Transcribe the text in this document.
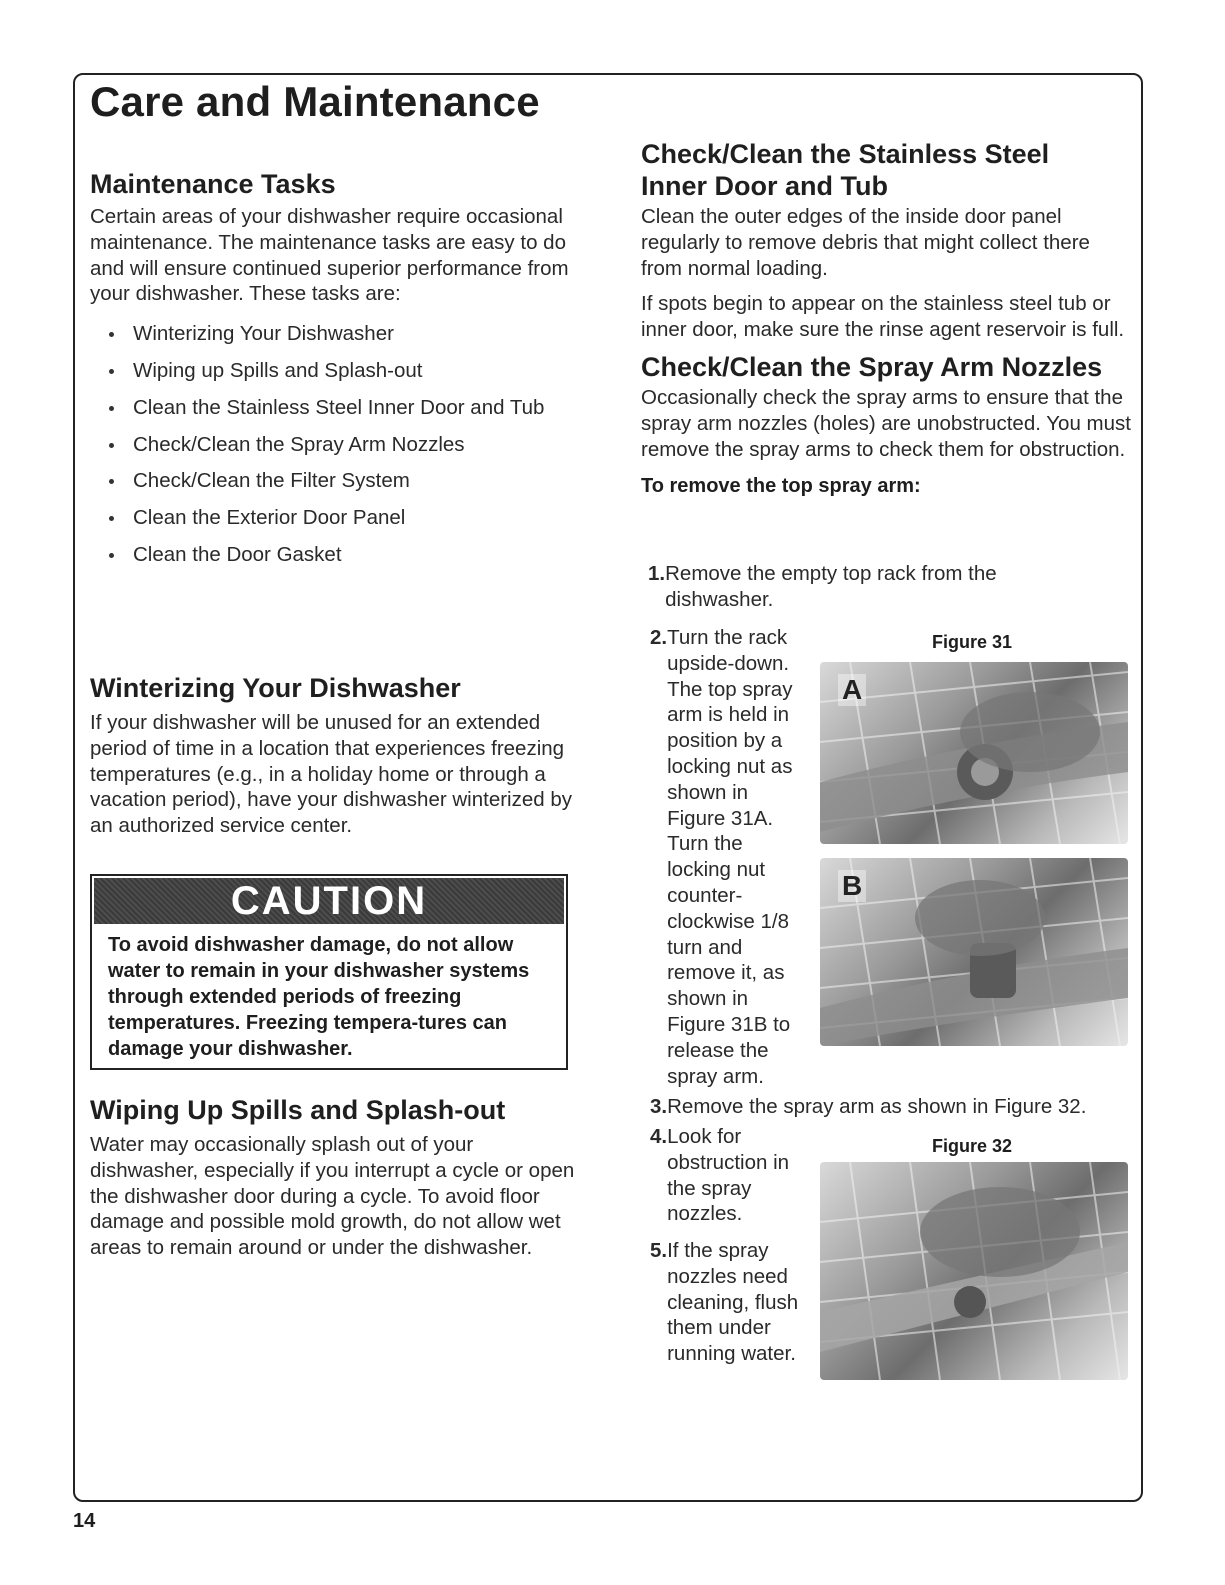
Care and Maintenance
Maintenance Tasks

Certain areas of your dishwasher require occasional maintenance. The maintenance tasks are easy to do and will ensure continued superior performance from your dishwasher. These tasks are:

Winterizing Your Dishwasher
Wiping up Spills and Splash-out
Clean the Stainless Steel Inner Door and Tub
Check/Clean the Spray Arm Nozzles
Check/Clean the Filter System
Clean the Exterior Door Panel
Clean the Door Gasket
Winterizing Your Dishwasher

If your dishwasher will be unused for an extended period of time in a location that experiences freezing temperatures (e.g., in a holiday home or through a vacation period), have your dishwasher winterized by an authorized service center.

CAUTION

To avoid dishwasher damage, do not allow water to remain in your dishwasher systems through extended periods of freezing temperatures. Freezing tempera-tures can damage your dishwasher.

Wiping Up Spills and Splash-out

Water may occasionally splash out of your dishwasher, especially if you interrupt a cycle or open the dishwasher door during a cycle. To avoid floor damage and possible mold growth, do not allow wet areas to remain around or under the dishwasher.

Check/Clean the Stainless Steel
Inner Door and Tub

Clean the outer edges of the inside door panel regularly to remove debris that might collect there from normal loading.

If spots begin to appear on the stainless steel tub or inner door, make sure the rinse agent reservoir is full.

Check/Clean the Spray Arm Nozzles

Occasionally check the spray arms to ensure that the spray arm nozzles (holes) are unobstructed. You must remove the spray arms to check them for obstruction.

To remove the top spray arm:

1.Remove the empty top rack from the dishwasher.
2.Turn the rack upside-down. The top spray arm is held in position by a locking nut as shown in Figure 31A. Turn the locking nut counter-clockwise 1/8 turn and remove it, as shown in Figure 31B to release the spray arm.
3.Remove the spray arm as shown in Figure 32.
4.Look for obstruction in the spray nozzles.
5.If the spray nozzles need cleaning, flush them under running water.
Figure 31
A
B
Figure 32
14
